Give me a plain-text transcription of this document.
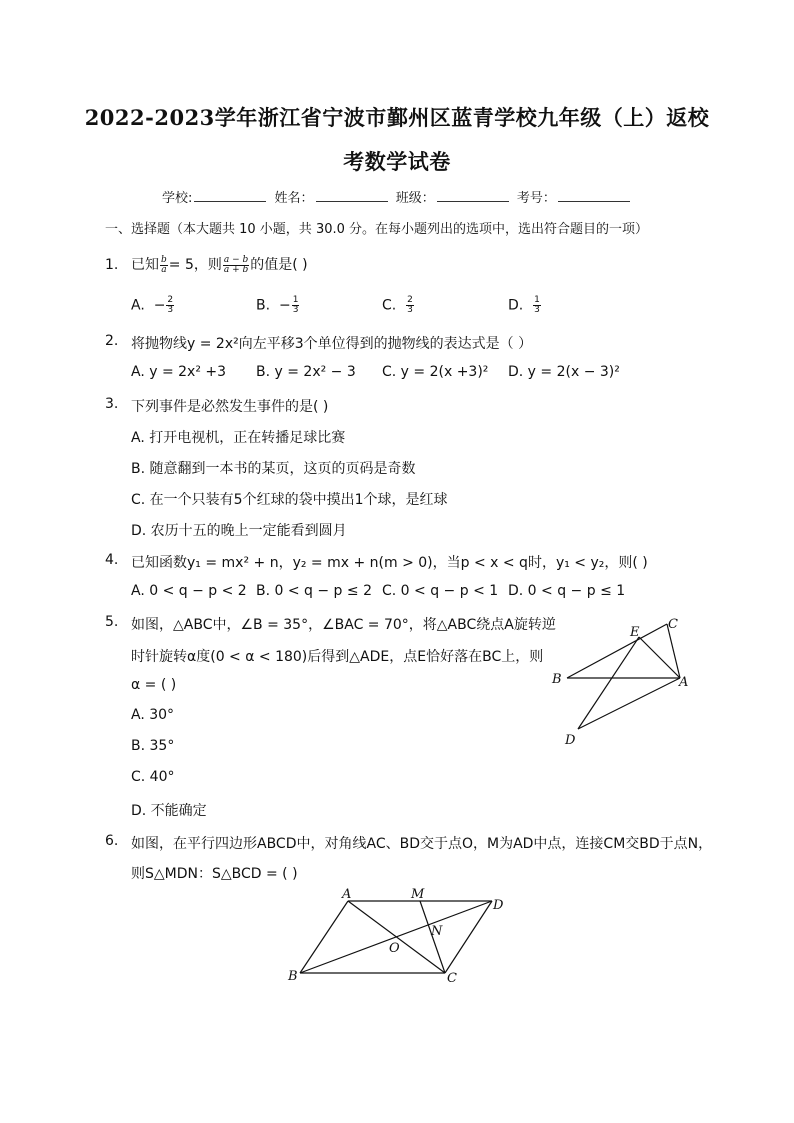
2022-2023学年浙江省宁波市鄞州区蓝青学校九年级（上）返校
考数学试卷
学校:	姓名：	班级：	考号：
一、选择题（本大题共 10 小题，共 30.0 分。在每小题列出的选项中，选出符合题目的一项）
1. 已知 $\frac{b}{a} = 5$，则 $\frac{a - b}{a + b}$ 的值是( )
A. − $\frac{2}{3}$	B. − $\frac{1}{3}$	C. $\frac{2}{3}$	D. $\frac{1}{3}$
2. 将抛物线y = 2x²向左平移3个单位得到的抛物线的表达式是（ ）
A. y = 2x² +3 B. y = 2x² − 3 C. y = 2(x +3)² D. y = 2(x − 3)²
3. 下列事件是必然发生事件的是( )
A. 打开电视机，正在转播足球比赛
B. 随意翻到一本书的某页，这页的页码是奇数
C. 在一个只装有5个红球的袋中摸出1个球，是红球
D. 农历十五的晚上一定能看到圆月
4. 已知函数y₁ = mx² + n，y₂ = mx + n(m > 0)，当p < x < q时，y₁ < y₂，则( )
A. 0 < q − p < 2 B. 0 < q − p ≤ 2 C. 0 < q − p < 1 D. 0 < q − p ≤ 1
5. 如图，△ABC中，∠B = 35°，∠BAC = 70°，将△ABC绕点A旋转逆
时针旋转α度(0 < α < 180)后得到△ADE，点E恰好落在BC上，则
α = ( )
A. 30°
B. 35°
C. 40°
D. 不能确定
B	A
C
E
D
6. 如图，在平行四边形ABCD中，对角线AC、BD交于点O，M为AD中点，连接CM交BD于点N，
则S△MDN：S△BCD = ( )
A	M
D
N
O
B	C
